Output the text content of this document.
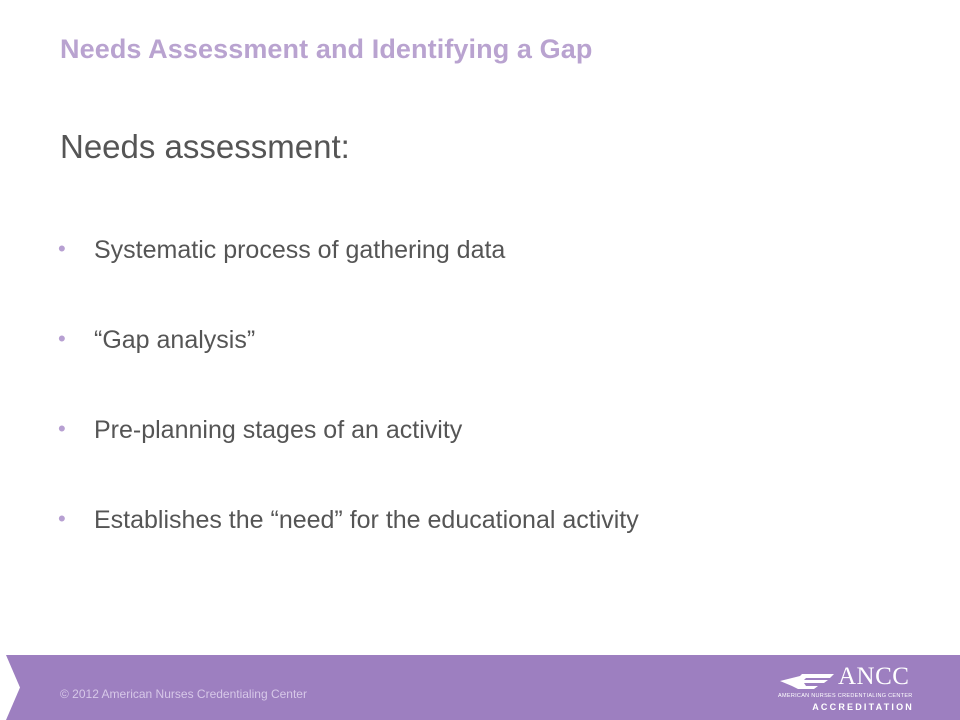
Needs Assessment and Identifying a Gap
Needs assessment:
• Systematic process of gathering data
• “Gap analysis”
• Pre-planning stages of an activity
• Establishes the “need” for the educational activity
© 2012 American Nurses Credentialing Center
ANCC
AMERICAN NURSES CREDENTIALING CENTER
ACCREDITATION
